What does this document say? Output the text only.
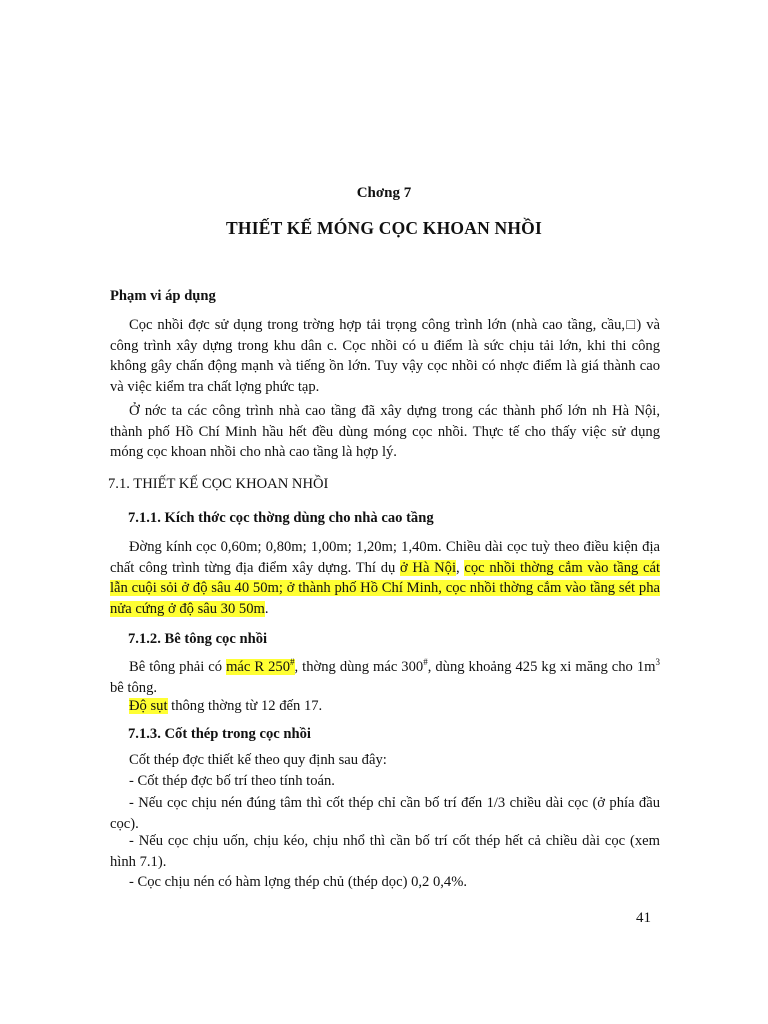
Chơng 7
THIẾT KẾ MÓNG CỌC KHOAN NHỒI
Phạm vi áp dụng
Cọc nhồi đợc sử dụng trong trờng hợp tải trọng công trình lớn (nhà cao tầng, cầu,□) và công trình xây dựng trong khu dân c. Cọc nhồi có u điểm là sức chịu tải lớn, khi thi công không gây chấn động mạnh và tiếng ồn lớn. Tuy vậy cọc nhồi có nhợc điểm là giá thành cao và việc kiểm tra chất lợng phức tạp.
Ở nớc ta các công trình nhà cao tầng đã xây dựng trong các thành phố lớn nh Hà Nội, thành phố Hồ Chí Minh hầu hết đều dùng móng cọc nhồi. Thực tế cho thấy việc sử dụng móng cọc khoan nhồi cho nhà cao tầng là hợp lý.
7.1. THIẾT KẾ CỌC KHOAN NHỒI
7.1.1. Kích thớc cọc thờng dùng cho nhà cao tầng
Đờng kính cọc 0,60m; 0,80m; 1,00m; 1,20m; 1,40m. Chiều dài cọc tuỳ theo điều kiện địa chất công trình từng địa điểm xây dựng. Thí dụ ở Hà Nội, cọc nhồi thờng cắm vào tầng cát lẫn cuội sỏi ở độ sâu 40 50m; ở thành phố Hồ Chí Minh, cọc nhồi thờng cắm vào tầng sét pha nửa cứng ở độ sâu 30 50m.
7.1.2. Bê tông cọc nhồi
Bê tông phải có mác R 250#, thờng dùng mác 300#, dùng khoảng 425 kg xi măng cho $1m^3$ bê tông.
Độ sụt thông thờng từ 12 đến 17.
7.1.3. Cốt thép trong cọc nhồi
Cốt thép đợc thiết kế theo quy định sau đây:
- Cốt thép đợc bố trí theo tính toán.
- Nếu cọc chịu nén đúng tâm thì cốt thép chỉ cần bố trí đến 1/3 chiều dài cọc (ở phía đầu cọc).
- Nếu cọc chịu uốn, chịu kéo, chịu nhổ thì cần bố trí cốt thép hết cả chiều dài cọc (xem hình 7.1).
- Cọc chịu nén có hàm lợng thép chủ (thép dọc) 0,2 0,4%.
41
